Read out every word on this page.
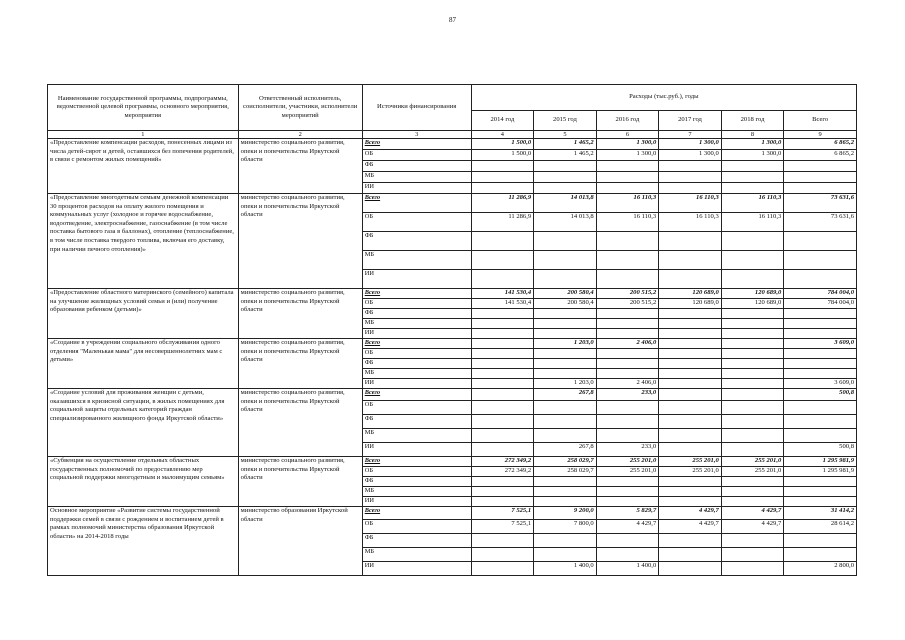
87
Наименование государственной программы, подпрограммы, ведомственной целевой программы, основного мероприятия, мероприятия	Ответственный исполнитель, соисполнители, участники, исполнители мероприятий	Источники финансирования	Расходы (тыс.руб.), годы					
			2014 год	2015 год	2016 год	2017 год	2018 год	Всего
1	2	3	4	5	6	7	8	9
«Предоставление компенсации расходов, понесенных лицами из числа детей-сирот и детей, оставшихся без попечения родителей, в связи с ремонтом жилых помещений»	министерство социального развития, опеки и попечительства Иркутской области	Всего	1 500,0	1 465,2	1 300,0	1 300,0	1 300,0	6 865,2
		ОБ	1 500,0	1 465,2	1 300,0	1 300,0	1 300,0	6 865,2
		ФБ						
		МБ						
		ИИ						
«Предоставление многодетным семьям денежной компенсации 30 процентов расходов на оплату жилого помещения и коммунальных услуг (холодное и горячее водоснабжение, водоотведение, электроснабжение, газоснабжение (в том числе поставка бытового газа в баллонах), отопление (теплоснабжение, в том числе поставка твердого топлива, включая его доставку, при наличии печного отопления)»	министерство социального развития, опеки и попечительства Иркутской области	Всего	11 286,9	14 013,8	16 110,3	16 110,3	16 110,3	73 631,6
		ОБ	11 286,9	14 013,8	16 110,3	16 110,3	16 110,3	73 631,6
		ФБ						
		МБ						
		ИИ						
«Предоставление областного материнского (семейного) капитала на улучшение жилищных условий семьи и (или) получение образования ребенком (детьми)»	министерство социального развития, опеки и попечительства Иркутской области	Всего	141 530,4	200 580,4	200 515,2	120 689,0	120 689,0	784 004,0
		ОБ	141 530,4	200 580,4	200 515,2	120 689,0	120 689,0	784 004,0
		ФБ						
		МБ						
		ИИ						
«Создание в учреждении социального обслуживания одного отделения "Маленькая мама" для несовершеннолетних мам с детьми»	министерство социального развития, опеки и попечительства Иркутской области	Всего		1 203,0	2 406,0			3 609,0
		ОБ						
		ФБ						
		МБ						
		ИИ		1 203,0	2 406,0			3 609,0
«Создание условий для проживания женщин с детьми, оказавшихся в кризисной ситуации, в жилых помещениях для социальной защиты отдельных категорий граждан специализированного жилищного фонда Иркутской области»	министерство социального развития, опеки и попечительства Иркутской области	Всего		267,8	233,0			500,8
		ОБ						
		ФБ						
		МБ						
		ИИ		267,8	233,0			500,8
«Субвенция на осуществление отдельных областных государственных полномочий по предоставлению мер социальной поддержки многодетным и малоимущим семьям»	министерство социального развития, опеки и попечительства Иркутской области	Всего	272 349,2	258 029,7	255 201,0	255 201,0	255 201,0	1 295 981,9
		ОБ	272 349,2	258 029,7	255 201,0	255 201,0	255 201,0	1 295 981,9
		ФБ						
		МБ						
		ИИ						
Основное мероприятие «Развитие системы государственной поддержки семей в связи с рождением и воспитанием детей в рамках полномочий министерства образования Иркутской области» на 2014-2018 годы	министерство образования Иркутской области	Всего	7 525,1	9 200,0	5 829,7	4 429,7	4 429,7	31 414,2
		ОБ	7 525,1	7 800,0	4 429,7	4 429,7	4 429,7	28 614,2
		ФБ						
		МБ						
		ИИ		1 400,0	1 400,0			2 800,0
